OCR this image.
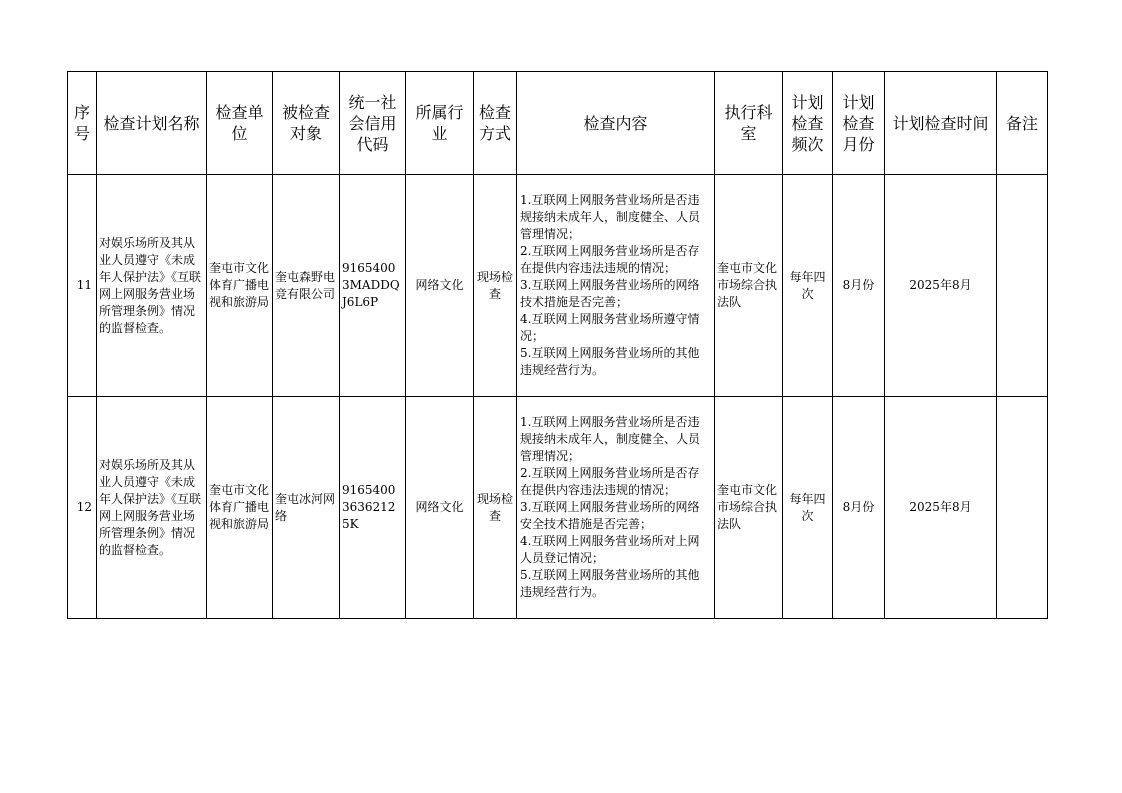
序号	检查计划名称	检查单位	被检查对象	统一社会信用代码	所属行业	检查方式	检查内容	执行科室	计划检查频次	计划检查月份	计划检查时间	备注
11	对娱乐场所及其从业人员遵守《未成年人保护法》《互联网上网服务营业场所管理条例》情况的监督检查。	奎屯市文化体育广播电视和旅游局	奎屯森野电竞有限公司	91654003MADDQJ6L6P	网络文化	现场检查	1.互联网上网服务营业场所是否违规接纳未成年人，制度健全、人员管理情况；
2.互联网上网服务营业场所是否存在提供内容违法违规的情况；
3.互联网上网服务营业场所的网络技术措施是否完善；
4.互联网上网服务营业场所遵守情况；
5.互联网上网服务营业场所的其他违规经营行为。	奎屯市文化市场综合执法队	每年四次	8月份	2025年8月	
12	对娱乐场所及其从业人员遵守《未成年人保护法》《互联网上网服务营业场所管理条例》情况的监督检查。	奎屯市文化体育广播电视和旅游局	奎屯冰河网络	916540036362125K	网络文化	现场检查	1.互联网上网服务营业场所是否违规接纳未成年人，制度健全、人员管理情况；
2.互联网上网服务营业场所是否存在提供内容违法违规的情况；
3.互联网上网服务营业场所的网络安全技术措施是否完善；
4.互联网上网服务营业场所对上网人员登记情况；
5.互联网上网服务营业场所的其他违规经营行为。	奎屯市文化市场综合执法队	每年四次	8月份	2025年8月	
